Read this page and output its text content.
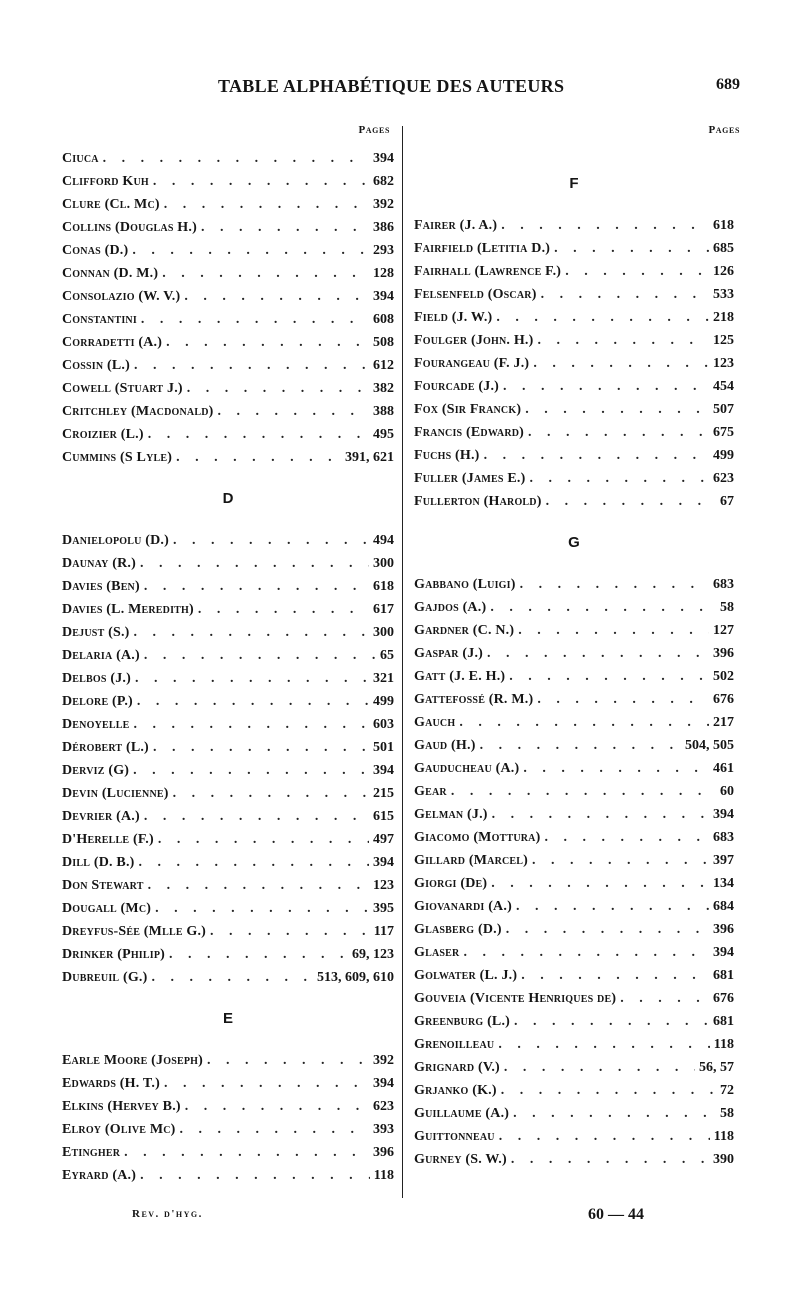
TABLE ALPHABÉTIQUE DES AUTEURS	689
Pages	Pages
Ciuca . . .	394
Clifford Kuh . . .	682
Clure (Cl. Mc) . . .	392
Collins (Douglas H.) . . .	386
Conas (D.) . . .	293
Connan (D. M.) . . .	128
Consolazio (W. V.) . . .	394
Constantini . . .	608
Corradetti (A.) . . .	508
Cossin (L.) . . .	612
Cowell (Stuart J.) . . .	382
Critchley (Macdonald) . . .	388
Croizier (L.) . . .	495
Cummins (S Lyle) . . .	391, 621
D
Danielopolu (D.) . . .	494
Daunay (R.) . . .	300
Davies (Ben) . . .	618
Davies (L. Meredith) . . .	617
Dejust (S.) . . .	300
Delaria (A.) . . .	65
Delbos (J.) . . .	321
Delore (P.) . . .	499
Denoyelle . . .	603
Dérobert (L.) . . .	501
Derviz (G) . . .	394
Devin (Lucienne) . . .	215
Devrier (A.) . . .	615
D'Herelle (F.) . . .	497
Dill (D. B.) . . .	394
Don Stewart . . .	123
Dougall (Mc) . . .	395
Dreyfus-Sée (Mlle G.) . . .	117
Drinker (Philip) . . .	69, 123
Dubreuil (G.) . . .	513, 609, 610
E
Earle Moore (Joseph) . . .	392
Edwards (H. T.) . . .	394
Elkins (Hervey B.) . . .	623
Elroy (Olive Mc) . . .	393
Etingher . . .	396
Eyrard (A.) . . .	118
F
Fairer (J. A.) . . .	618
Fairfield (Letitia D.) . . .	685
Fairhall (Lawrence F.) . . .	126
Felsenfeld (Oscar) . . .	533
Field (J. W.) . . .	218
Foulger (John. H.) . . .	125
Fourangeau (F. J.) . . .	123
Fourcade (J.) . . .	454
Fox (Sir Franck) . . .	507
Francis (Edward) . . .	675
Fuchs (H.) . . .	499
Fuller (James E.) . . .	623
Fullerton (Harold) . . .	67
G
Gabbano (Luigi) . . .	683
Gajdos (A.) . . .	58
Gardner (C. N.) . . .	127
Gaspar (J.) . . .	396
Gatt (J. E. H.) . . .	502
Gattefossé (R. M.) . . .	676
Gauch . . .	217
Gaud (H.) . . .	504, 505
Gauducheau (A.) . . .	461
Gear . . .	60
Gelman (J.) . . .	394
Giacomo (Mottura) . . .	683
Gillard (Marcel) . . .	397
Giorgi (De) . . .	134
Giovanardi (A.) . . .	684
Glasberg (D.) . . .	396
Glaser . . .	394
Golwater (L. J.) . . .	681
Gouveia (Vicente Henriques de) . . .	676
Greenburg (L.) . . .	681
Grenoilleau . . .	118
Grignard (V.) . . .	56, 57
Grjanko (K.) . . .	72
Guillaume (A.) . . .	58
Guittonneau . . .	118
Gurney (S. W.) . . .	390
Rev. d'hyg.	60 — 44
